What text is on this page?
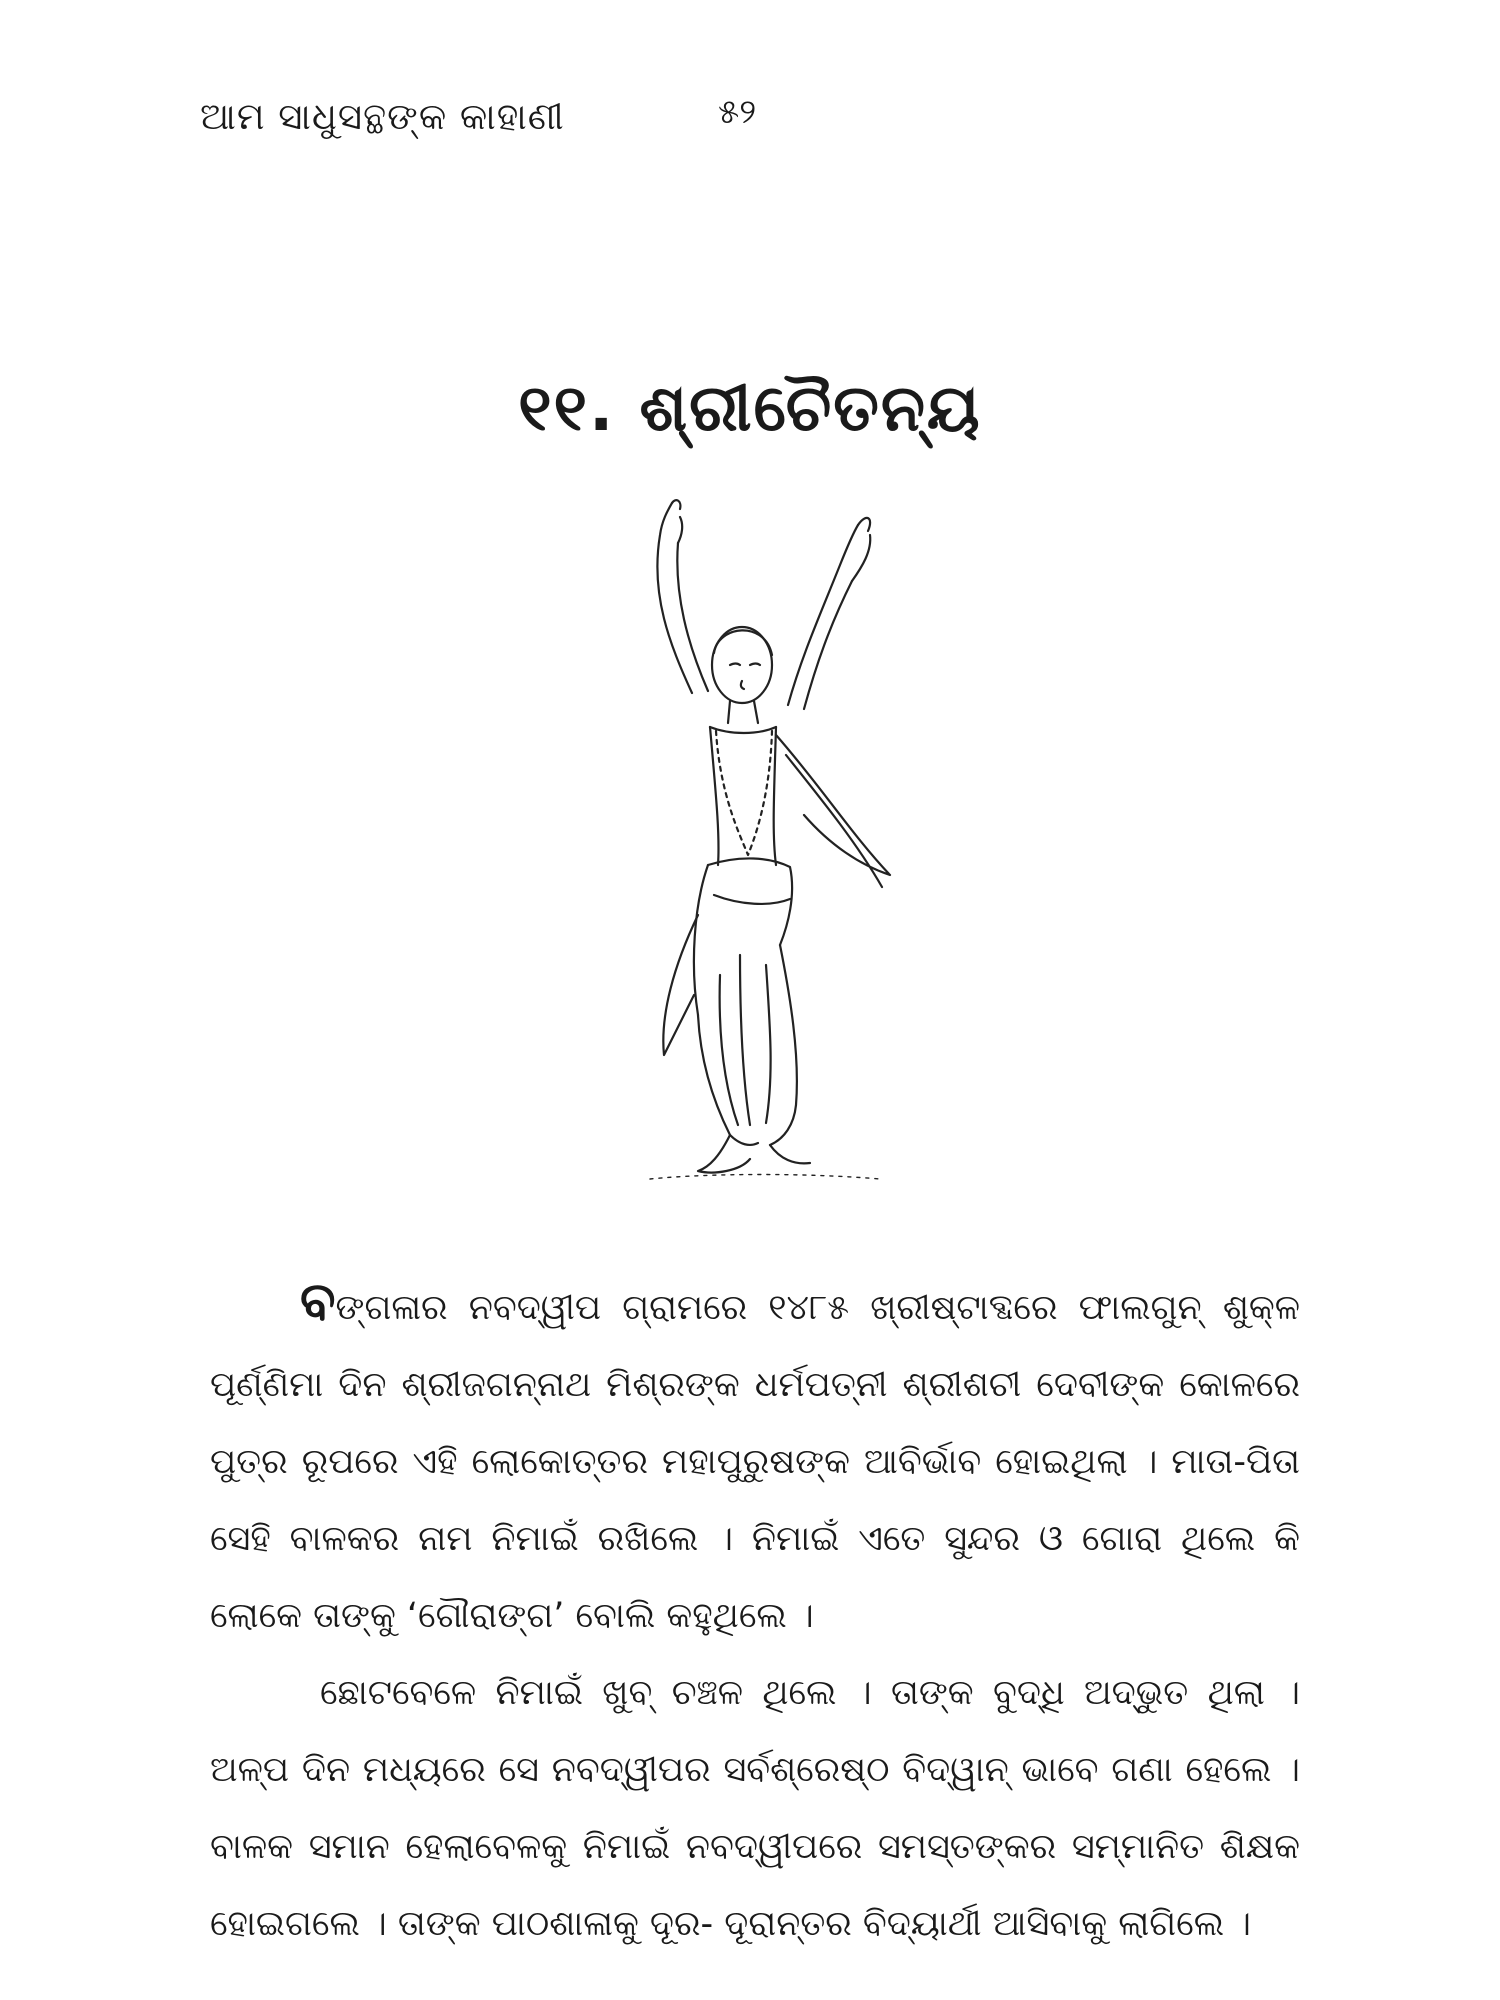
ଆମ ସାଧୁସନ୍ଥଙ୍କ କାହାଣୀ	୫୨
୧୧. ଶ୍ରୀଚୈତନ୍ୟ

ବଙ୍ଗଳାର ନବଦ୍ୱୀପ ଗ୍ରାମରେ ୧୪୮୫ ଖ୍ରୀଷ୍ଟାବ୍ଦରେ ଫାଲଗୁନ୍ ଶୁକ୍ଳ ପୂର୍ଣ୍ଣିମା ଦିନ ଶ୍ରୀଜଗନ୍ନାଥ ମିଶ୍ରଙ୍କ ଧର୍ମପତ୍ନୀ ଶ୍ରୀଶଚୀ ଦେବୀଙ୍କ କୋଳରେ ପୁତ୍ର ରୂପରେ ଏହି ଲୋକୋତ୍ତର ମହାପୁରୁଷଙ୍କ ଆବିର୍ଭାବ ହୋଇଥିଲା । ମାତା-ପିତା ସେହି ବାଳକର ନାମ ନିମାଇଁ ରଖିଲେ । ନିମାଇଁ ଏତେ ସୁନ୍ଦର ଓ ଗୋରା ଥିଲେ କି ଲୋକେ ତାଙ୍କୁ ‘ଗୌରାଙ୍ଗ’ ବୋଲି କହୁଥିଲେ ।

ଛୋଟବେଳେ ନିମାଇଁ ଖୁବ୍ ଚଞ୍ଚଳ ଥିଲେ । ତାଙ୍କ ବୁଦ୍ଧି ଅଦ୍‌ଭୁତ ଥିଲା । ଅଳ୍ପ ଦିନ ମଧ୍ୟରେ ସେ ନବଦ୍ୱୀପର ସର୍ବଶ୍ରେଷ୍ଠ ବିଦ୍ୱାନ୍ ଭାବେ ଗଣା ହେଲେ । ବାଳକ ସମାନ ହେଲାବେଳକୁ ନିମାଇଁ ନବଦ୍ୱୀପରେ ସମସ୍ତଙ୍କର ସମ୍ମାନିତ ଶିକ୍ଷକ ହୋଇଗଲେ । ତାଙ୍କ ପାଠଶାଳାକୁ ଦୂର- ଦୂରାନ୍ତର ବିଦ୍ୟାର୍ଥୀ ଆସିବାକୁ ଲାଗିଲେ ।
